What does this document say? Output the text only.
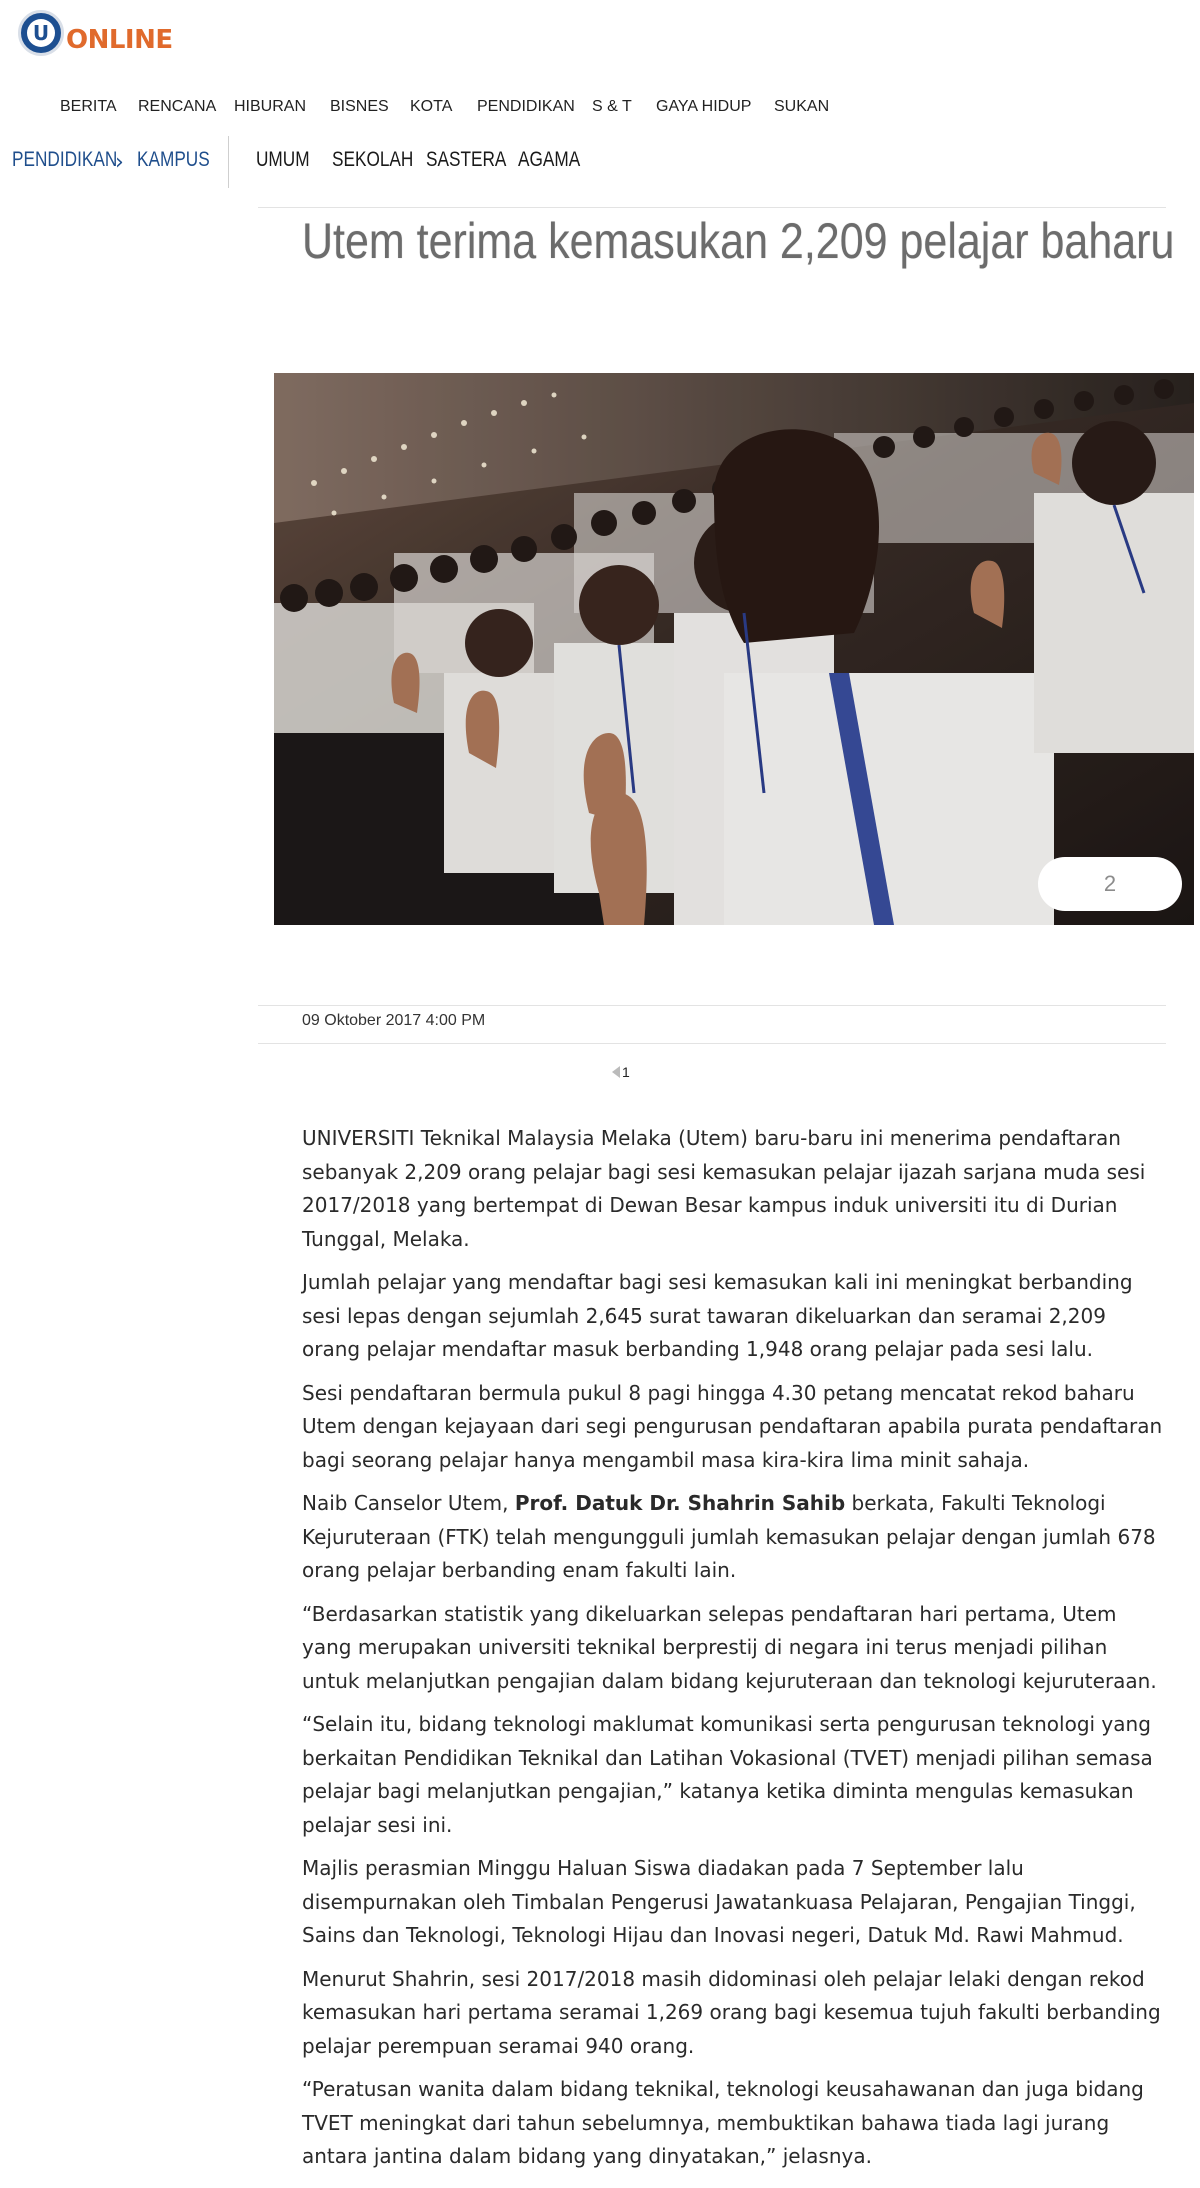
U ONLINE
BERITA RENCANA HIBURAN BISNES KOTA PENDIDIKAN S & T GAYA HIDUP SUKAN
PENDIDIKAN
› KAMPUS UMUM SEKOLAH SASTERA AGAMA
Utem terima kemasukan 2,209 pelajar baharu
2
09 Oktober 2017 4:00 PM
1

UNIVERSITI Teknikal Malaysia Melaka (Utem) baru-baru ini menerima pendaftaran sebanyak 2,209 orang pelajar bagi sesi kemasukan pelajar ijazah sarjana muda sesi 2017/2018 yang bertempat di Dewan Besar kampus induk universiti itu di Durian Tunggal, Melaka.

Jumlah pelajar yang mendaftar bagi sesi kemasukan kali ini meningkat berbanding sesi lepas dengan sejumlah 2,645 surat tawaran dikeluarkan dan seramai 2,209 orang pelajar mendaftar masuk berbanding 1,948 orang pelajar pada sesi lalu.

Sesi pendaftaran bermula pukul 8 pagi hingga 4.30 petang mencatat rekod baharu Utem dengan kejayaan dari segi pengurusan pendaftaran apabila purata pendaftaran bagi seorang pelajar hanya mengambil masa kira-kira lima minit sahaja.

Naib Canselor Utem, Prof. Datuk Dr. Shahrin Sahib berkata, Fakulti Teknologi Kejuruteraan (FTK) telah mengungguli jumlah kemasukan pelajar dengan jumlah 678 orang pelajar berbanding enam fakulti lain.

“Berdasarkan statistik yang dikeluarkan selepas pendaftaran hari pertama, Utem yang merupakan universiti teknikal berprestij di negara ini terus menjadi pilihan untuk melanjutkan pengajian dalam bidang kejuruteraan dan teknologi kejuruteraan.

“Selain itu, bidang teknologi maklumat komunikasi serta pengurusan teknologi yang berkaitan Pendidikan Teknikal dan Latihan Vokasional (TVET) menjadi pilihan semasa pelajar bagi melanjutkan pengajian,” katanya ketika diminta mengulas kemasukan pelajar sesi ini.

Majlis perasmian Minggu Haluan Siswa diadakan pada 7 September lalu disempurnakan oleh Timbalan Pengerusi Jawatankuasa Pelajaran, Pengajian Tinggi, Sains dan Teknologi, Teknologi Hijau dan Inovasi negeri, Datuk Md. Rawi Mahmud.

Menurut Shahrin, sesi 2017/2018 masih didominasi oleh pelajar lelaki dengan rekod kemasukan hari pertama seramai 1,269 orang bagi kesemua tujuh fakulti berbanding pelajar perempuan seramai 940 orang.

“Peratusan wanita dalam bidang teknikal, teknologi keusahawanan dan juga bidang TVET meningkat dari tahun sebelumnya, membuktikan bahawa tiada lagi jurang antara jantina dalam bidang yang dinyatakan,” jelasnya.
